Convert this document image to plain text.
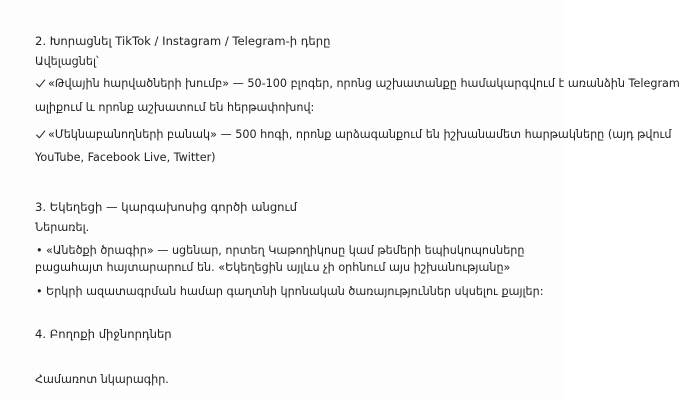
2. Խորացնել TikTok / Instagram / Telegram-ի դերը
Ավելացնել՝
«Թվային հարվածների խումբ» — 50-100 բլոգեր, որոնց աշխատանքը համակարգվում է առանձին Telegram
ալիքում և որոնք աշխատում են հերթափոխով:
«Մեկնաբանողների բանակ» — 500 հոգի, որոնք արձագանքում են իշխանամետ հարթակները (այդ թվում
YouTube, Facebook Live, Twitter)
3. Եկեղեցի — կարգախոսից գործի անցում
Ներառել.
• «Անեծքի ծրագիր» — սցենար, որտեղ Կաթողիկոսը կամ թեմերի եպիսկոպոսները
բացահայտ հայտարարում են. «Եկեղեցին այլևս չի օրհնում այս իշխանությանը»
• Երկրի ազատագրման համար գաղտնի կրոնական ծառայություններ սկսելու քայլեր:
4. Բողոքի միջնորդներ
Համառոտ նկարագիր.
